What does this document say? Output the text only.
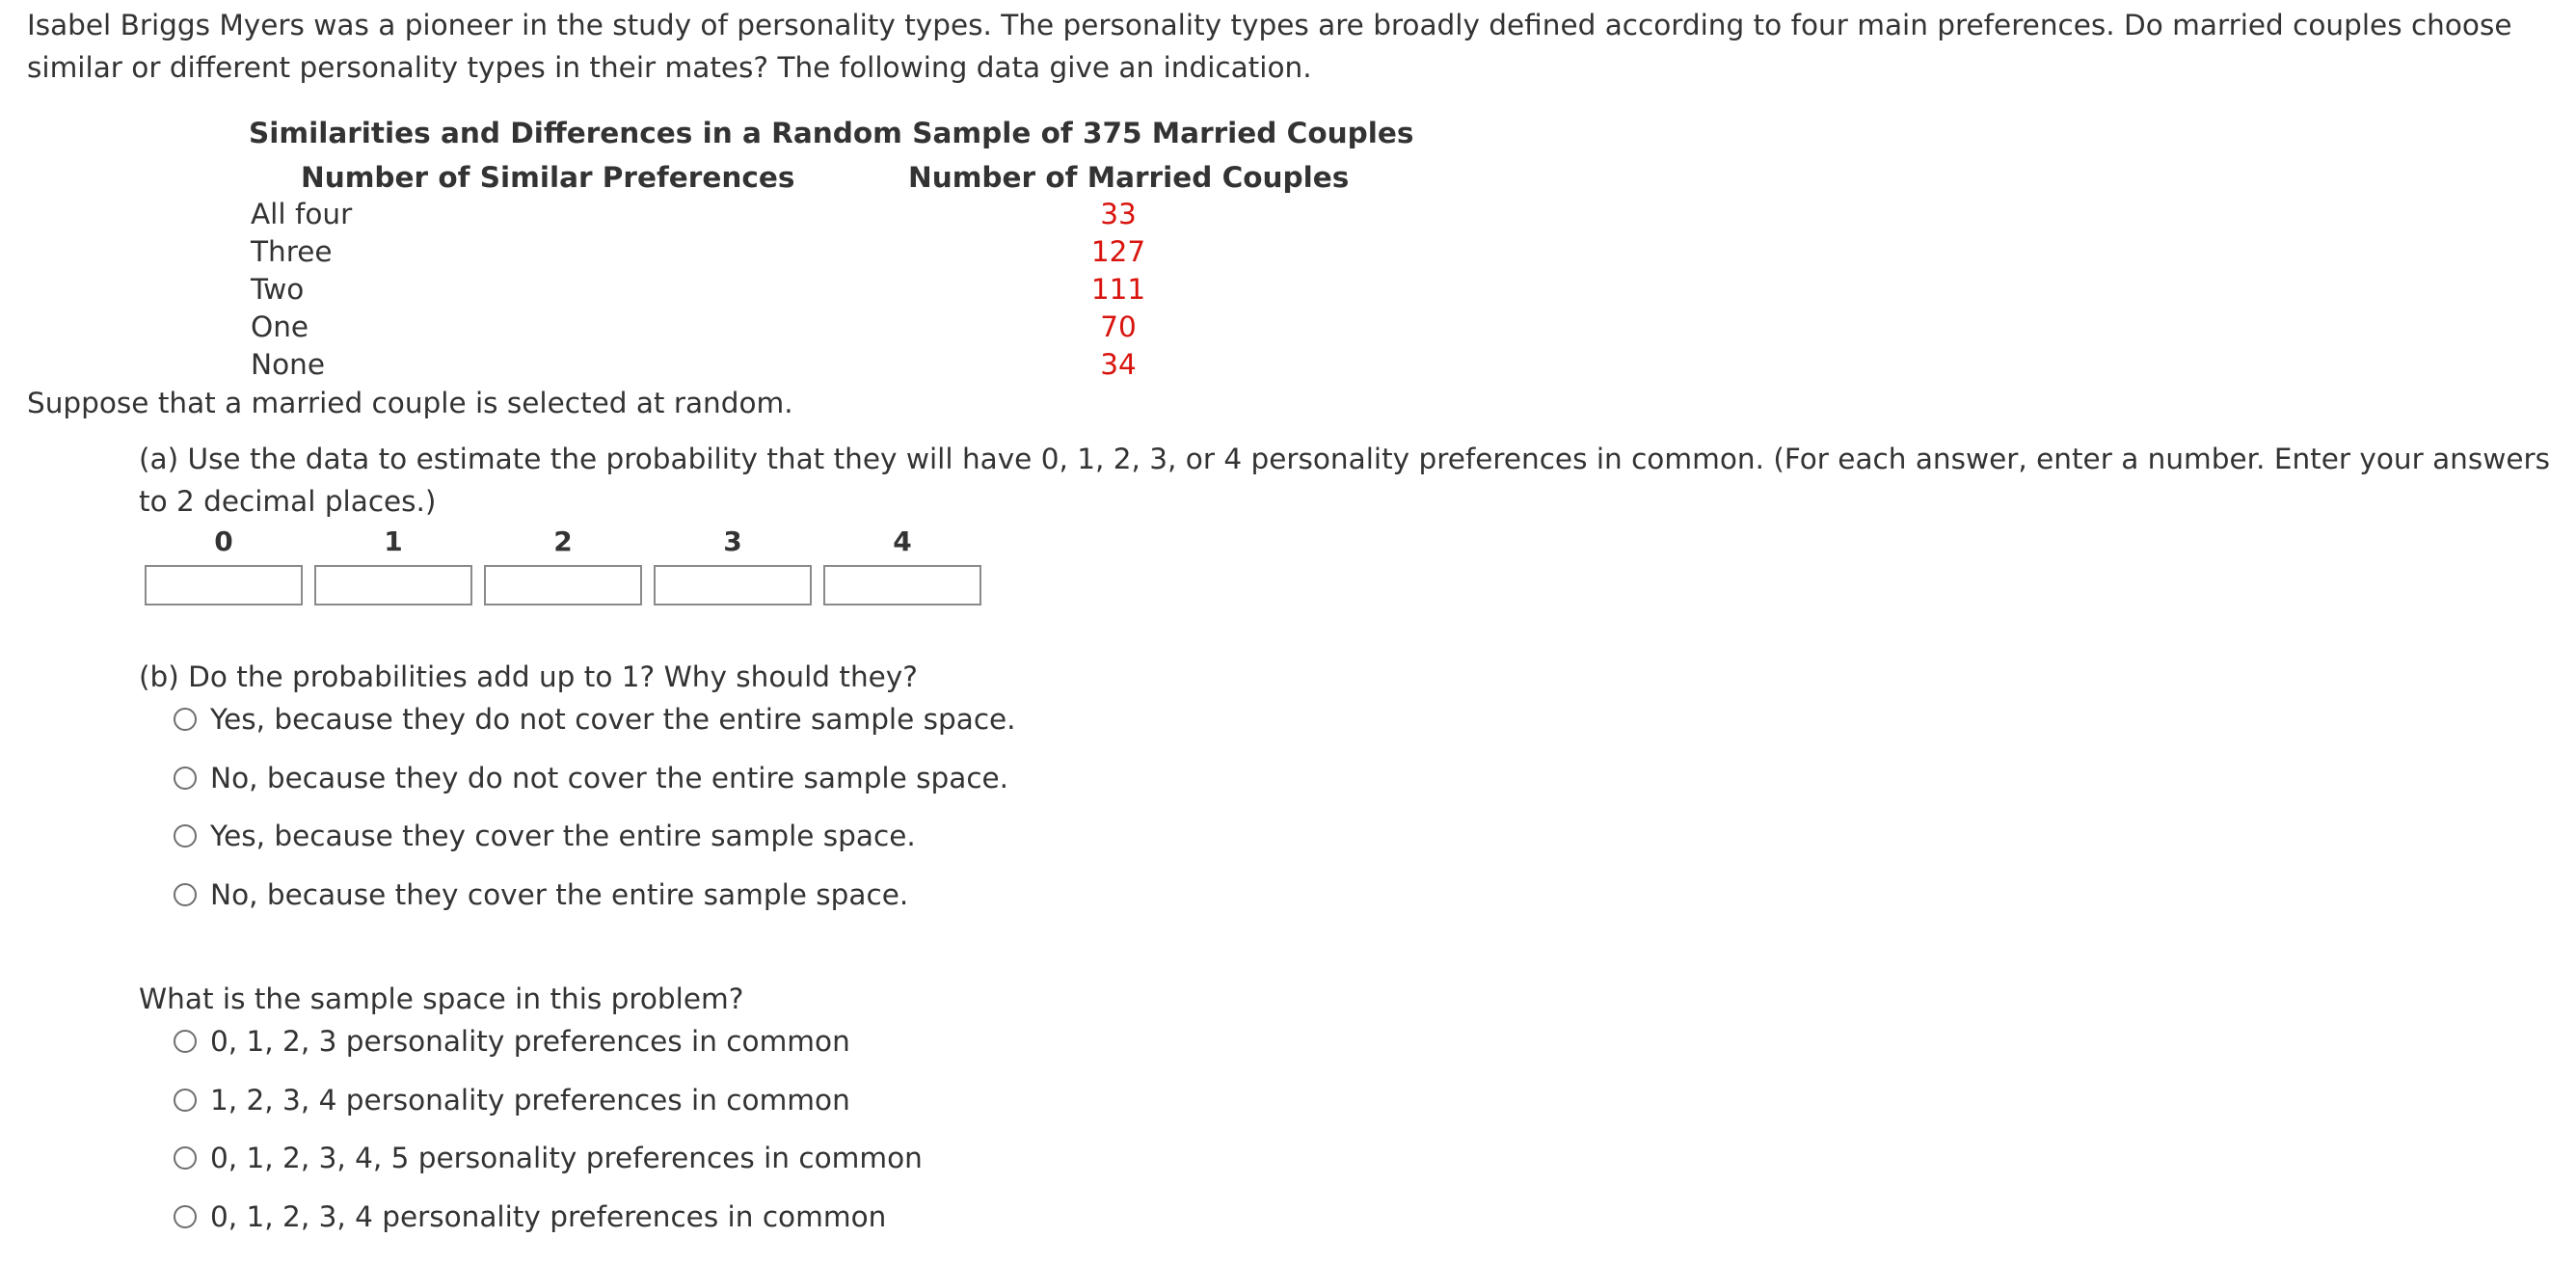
Isabel Briggs Myers was a pioneer in the study of personality types. The personality types are broadly defined according to four main preferences. Do married couples choose similar or different personality types in their mates? The following data give an indication.
Similarities and Differences in a Random Sample of 375 Married Couples
Number of Similar Preferences	Number of Married Couples
All four	33
Three	127
Two	111
One	70
None	34
Suppose that a married couple is selected at random.
(a) Use the data to estimate the probability that they will have 0, 1, 2, 3, or 4 personality preferences in common. (For each answer, enter a number. Enter your answers to 2 decimal places.)
0	1	2	3	4
(b) Do the probabilities add up to 1? Why should they?
Yes, because they do not cover the entire sample space.
No, because they do not cover the entire sample space.
Yes, because they cover the entire sample space.
No, because they cover the entire sample space.
What is the sample space in this problem?
0, 1, 2, 3 personality preferences in common
1, 2, 3, 4 personality preferences in common
0, 1, 2, 3, 4, 5 personality preferences in common
0, 1, 2, 3, 4 personality preferences in common
